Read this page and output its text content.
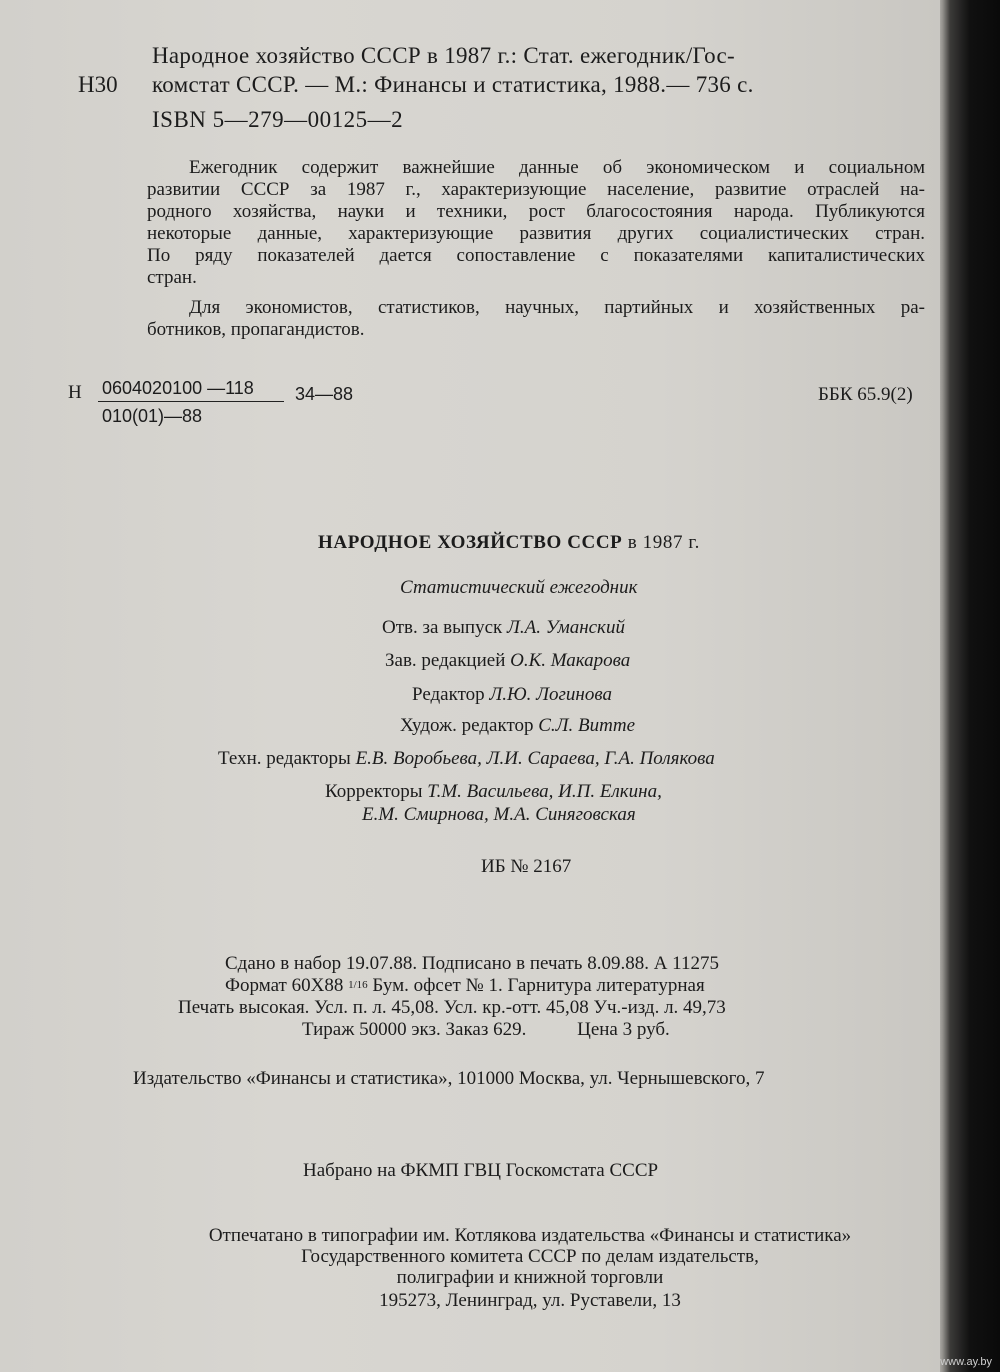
Н30
Народное хозяйство СССР в 1987 г.: Стат. ежегодник/Гос-
комстат СССР. — М.: Финансы и статистика, 1988.— 736 с.
ISBN 5—279—00125—2
Ежегодник содержит важнейшие данные об экономическом и социальном
развитии СССР за 1987 г., характеризующие население, развитие отраслей на-
родного хозяйства, науки и техники, рост благосостояния народа. Публикуются
некоторые данные, характеризующие развития других социалистических стран.
По ряду показателей дается сопоставление с показателями капиталистических
стран.
Для экономистов, статистиков, научных, партийных и хозяйственных ра-
ботников, пропагандистов.
Н 0604020100 —118
010(01)—88
34—88	ББК 65.9(2)
НАРОДНОЕ ХОЗЯЙСТВО СССР в 1987 г.
Статистический ежегодник
Отв. за выпуск Л.А. Уманский
Зав. редакцией О.К. Макарова
Редактор Л.Ю. Логинова
Худож. редактор С.Л. Витте
Техн. редакторы Е.В. Воробьева, Л.И. Сараева, Г.А. Полякова
Корректоры Т.М. Васильева, И.П. Елкина,
Е.М. Смирнова, М.А. Синяговская
ИБ № 2167
Сдано в набор 19.07.88. Подписано в печать 8.09.88. А 11275
Формат 60Х88 1/16 Бум. офсет № 1. Гарнитура литературная
Печать высокая. Усл. п. л. 45,08. Усл. кр.-отт. 45,08 Уч.-изд. л. 49,73
Тираж 50000 экз. Заказ 629.	Цена 3 руб.
Издательство «Финансы и статистика», 101000 Москва, ул. Чернышевского, 7
Набрано на ФКМП ГВЦ Госкомстата СССР
Отпечатано в типографии им. Котлякова издательства «Финансы и статистика»
Государственного комитета СССР по делам издательств,
полиграфии и книжной торговли
195273, Ленинград, ул. Руставели, 13
www.ay.by
